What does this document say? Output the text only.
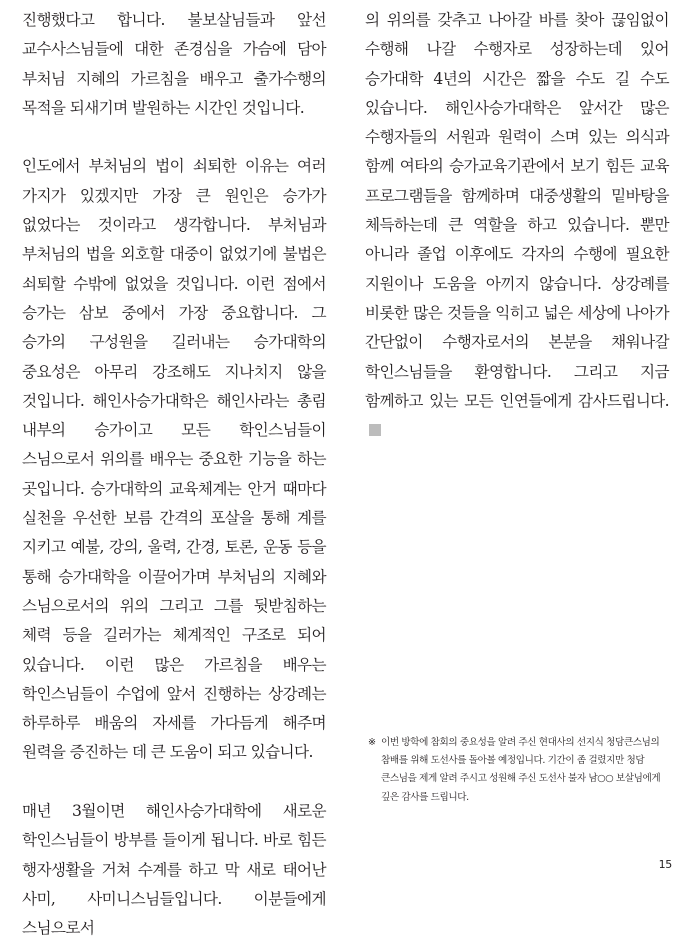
진행했다고 합니다. 불보살님들과 앞선 교수사스님들에 대한 존경심을 가슴에 담아 부처님 지혜의 가르침을 배우고 출가수행의 목적을 되새기며 발원하는 시간인 것입니다.

인도에서 부처님의 법이 쇠퇴한 이유는 여러 가지가 있겠지만 가장 큰 원인은 승가가 없었다는 것이라고 생각합니다. 부처님과 부처님의 법을 외호할 대중이 없었기에 불법은 쇠퇴할 수밖에 없었을 것입니다. 이런 점에서 승가는 삼보 중에서 가장 중요합니다. 그 승가의 구성원을 길러내는 승가대학의 중요성은 아무리 강조해도 지나치지 않을 것입니다. 해인사승가대학은 해인사라는 총림 내부의 승가이고 모든 학인스님들이 스님으로서 위의를 배우는 중요한 기능을 하는 곳입니다. 승가대학의 교육체계는 안거 때마다 실천을 우선한 보름 간격의 포살을 통해 계를 지키고 예불, 강의, 울력, 간경, 토론, 운동 등을 통해 승가대학을 이끌어가며 부처님의 지혜와 스님으로서의 위의 그리고 그를 뒷받침하는 체력 등을 길러가는 체계적인 구조로 되어 있습니다. 이런 많은 가르침을 배우는 학인스님들이 수업에 앞서 진행하는 상강례는 하루하루 배움의 자세를 가다듬게 해주며 원력을 증진하는 데 큰 도움이 되고 있습니다.

매년 3월이면 해인사승가대학에 새로운 학인스님들이 방부를 들이게 됩니다. 바로 힘든 행자생활을 거쳐 수계를 하고 막 새로 태어난 사미, 사미니스님들입니다. 이분들에게 스님으로서

의 위의를 갖추고 나아갈 바를 찾아 끊임없이 수행해 나갈 수행자로 성장하는데 있어 승가대학 4년의 시간은 짧을 수도 길 수도 있습니다. 해인사승가대학은 앞서간 많은 수행자들의 서원과 원력이 스며 있는 의식과 함께 여타의 승가교육기관에서 보기 힘든 교육 프로그램들을 함께하며 대중생활의 밑바탕을 체득하는데 큰 역할을 하고 있습니다. 뿐만 아니라 졸업 이후에도 각자의 수행에 필요한 지원이나 도움을 아끼지 않습니다. 상강례를 비롯한 많은 것들을 익히고 넓은 세상에 나아가 간단없이 수행자로서의 본분을 채워나갈 학인스님들을 환영합니다. 그리고 지금 함께하고 있는 모든 인연들에게 감사드립니다.

※ 이번 방학에 참회의 중요성을 알려 주신 현대사의 선지식 청담큰스님의 참배를 위해 도선사를 돌아볼 예정입니다. 기간이 좀 걸렸지만 청담 큰스님을 제게 알려 주시고 성원해 주신 도선사 불자 남○○ 보살님에게 깊은 감사를 드립니다.
15
